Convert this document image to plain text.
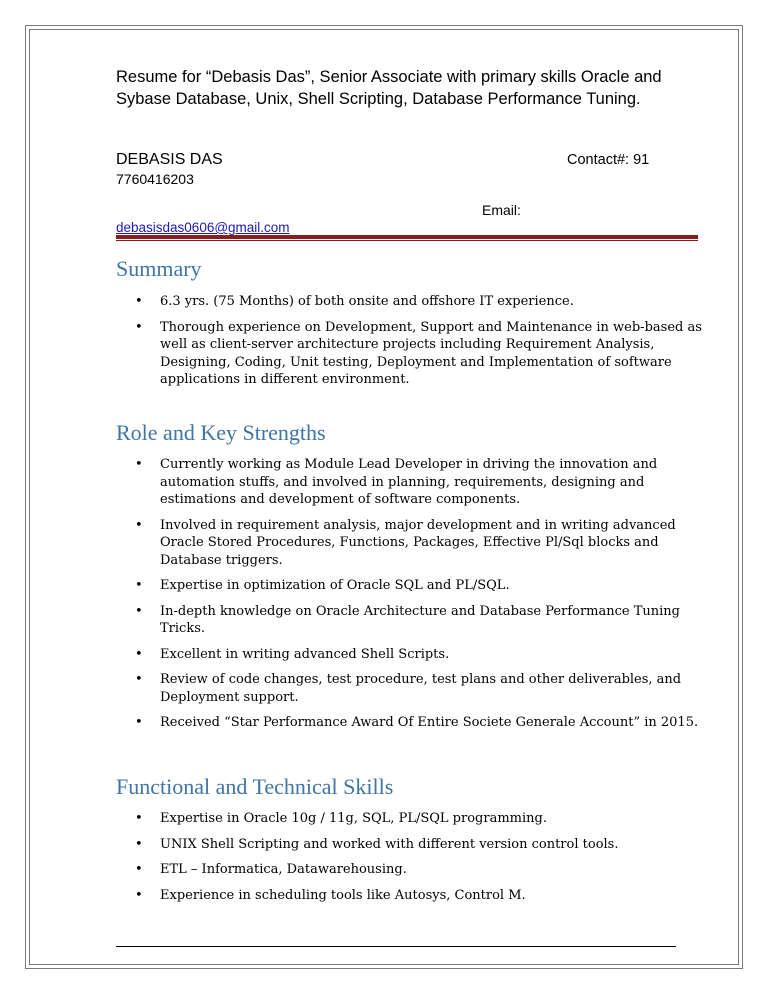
Resume for “Debasis Das”, Senior Associate with primary skills Oracle and Sybase Database, Unix, Shell Scripting, Database Performance Tuning.

DEBASIS DAS	Contact#: 91
7760416203
Email:
debasisdas0606@gmail.com
Summary
• 6.3 yrs. (75 Months) of both onsite and offshore IT experience.
• Thorough experience on Development, Support and Maintenance in web-based as well as client-server architecture projects including Requirement Analysis, Designing, Coding, Unit testing, Deployment and Implementation of software applications in different environment.
Role and Key Strengths
• Currently working as Module Lead Developer in driving the innovation and automation stuffs, and involved in planning, requirements, designing and estimations and development of software components.
• Involved in requirement analysis, major development and in writing advanced Oracle Stored Procedures, Functions, Packages, Effective Pl/Sql blocks and Database triggers.
• Expertise in optimization of Oracle SQL and PL/SQL.
• In-depth knowledge on Oracle Architecture and Database Performance Tuning Tricks.
• Excellent in writing advanced Shell Scripts.
• Review of code changes, test procedure, test plans and other deliverables, and Deployment support.
• Received “Star Performance Award Of Entire Societe Generale Account” in 2015.
Functional and Technical Skills
• Expertise in Oracle 10g / 11g, SQL, PL/SQL programming.
• UNIX Shell Scripting and worked with different version control tools.
• ETL – Informatica, Datawarehousing.
• Experience in scheduling tools like Autosys, Control M.
